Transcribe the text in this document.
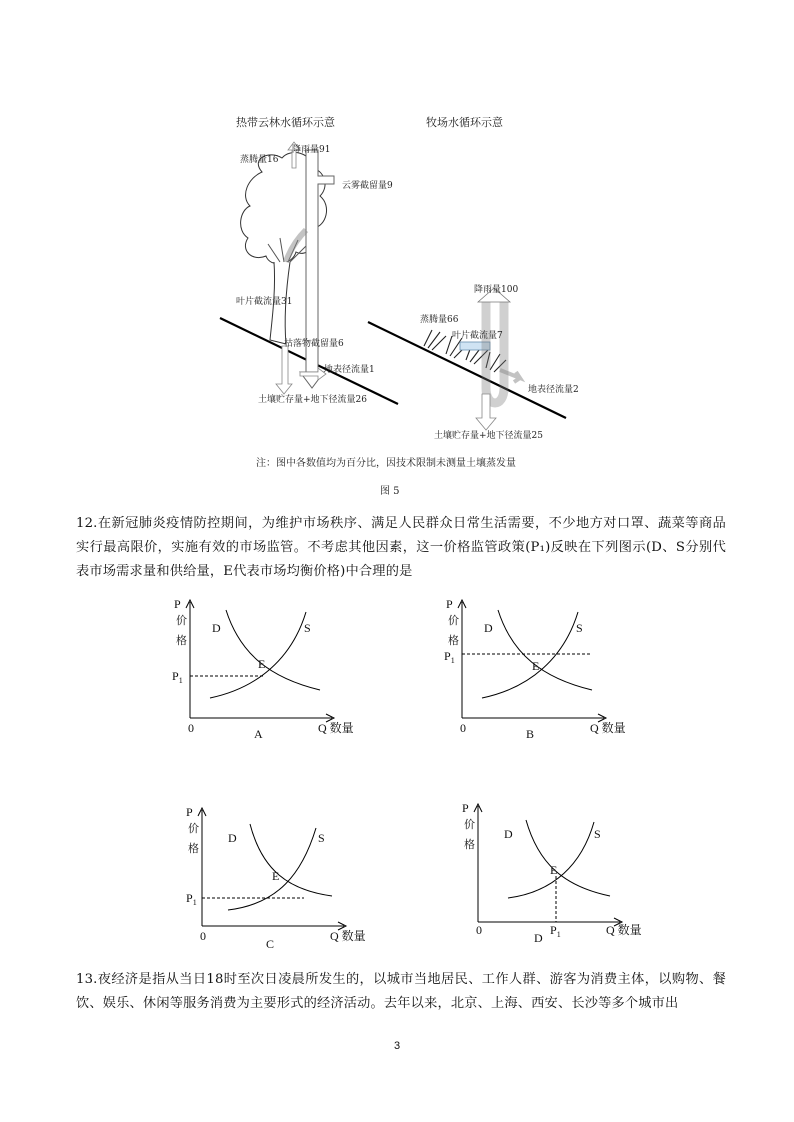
热带云林水循环示意	牧场水循环示意
降雨量91
蒸腾量16
云雾截留量9
叶片截流量31
枯落物截留量6
地表径流量1
土壤贮存量+地下径流量26
降雨量100
蒸腾量66
叶片截流量7
地表径流量2
土壤贮存量+地下径流量25
注：图中各数值均为百分比，因技术限制未测量土壤蒸发量
图 5
12.在新冠肺炎疫情防控期间，为维护市场秩序、满足人民群众日常生活需要，不少地方对口罩、蔬菜等商品实行最高限价，实施有效的市场监管。不考虑其他因素，这一价格监管政策(P₁)反映在下列图示(D、S分别代表市场需求量和供给量，E代表市场均衡价格)中合理的是
P
价
格
0	Q 数量
D	S
E
$P_1$
A
P
价
格
0	Q 数量
D	S
E
$P_1$
B
P
价
格
0	Q 数量
D	S
E
$P_1$
C
P
价
格
0	Q 数量
D	S
E
$P_1$
D
13.夜经济是指从当日18时至次日凌晨所发生的，以城市当地居民、工作人群、游客为消费主体，以购物、餐饮、娱乐、休闲等服务消费为主要形式的经济活动。去年以来，北京、上海、西安、长沙等多个城市出
3
